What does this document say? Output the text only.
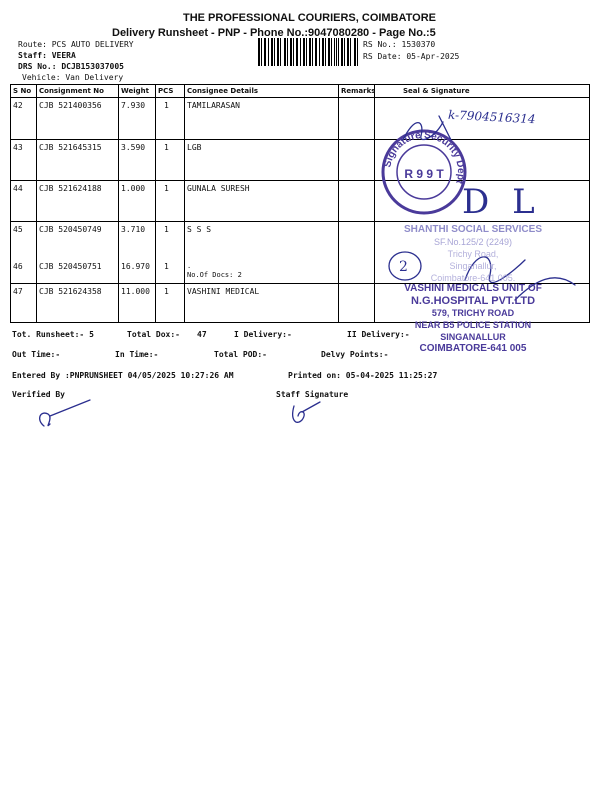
THE PROFESSIONAL COURIERS, COIMBATORE
Delivery Runsheet - PNP - Phone No.:9047080280 - Page No.:5
Route: PCS AUTO DELIVERY
Staff: VEERA
DRS No.: DCJB153037005
Vehicle: Van Delivery
RS No.: 1530370
RS Date: 05-Apr-2025
S No	Consignment No	Weight	PCS	Consignee Details	Remarks	Seal & Signature
42	CJB 521400356	7.930	1	TAMILARASAN		
43	CJB 521645315	3.590	1	LGB		
44	CJB 521624188	1.000	1	GUNALA SURESH		
45	CJB 520450749	3.710	1	S S S		
46	CJB 520450751	16.970	1	.
No.Of Docs: 2		
47	CJB 521624358	11.000	1	VASHINI MEDICAL		
Tot. Runsheet:- 5	Total Dox:- 47	I Delivery:-	II Delivery:-
Out Time:-	In Time:-	Total POD:-	Delvy Points:-
Entered By :PNPRUNSHEET 04/05/2025 10:27:26 AM	Printed on: 05-04-2025 11:25:27
Verified By	Staff Signature
k-7904516314
Signature Security Dept
R 9 9 T
D L
2
SHANTHI SOCIAL SERVICES
SF.No.125/2 (2249)
Trichy Road,
Singanallur,
Coimbatore-641 005.
VASHINI MEDICALS UNIT OF
N.G.HOSPITAL PVT.LTD
579, TRICHY ROAD
NEAR B5 POLICE STATION
SINGANALLUR
COIMBATORE-641 005
